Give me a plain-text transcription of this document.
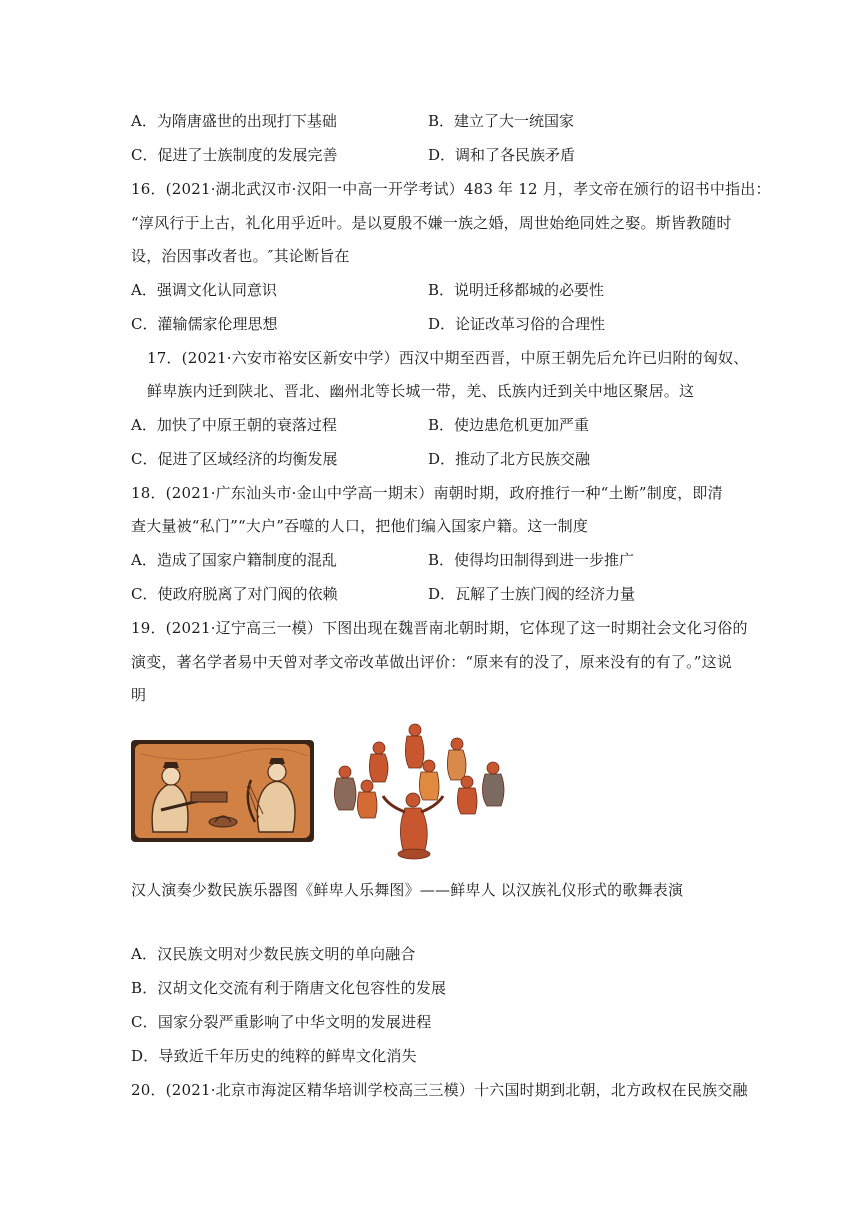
A．为隋唐盛世的出现打下基础	B．建立了大一统国家
C．促进了士族制度的发展完善	D．调和了各民族矛盾
16．(2021·湖北武汉市·汉阳一中高一开学考试）483 年 12 月，孝文帝在颁行的诏书中指出：
“淳风行于上古，礼化用乎近叶。是以夏殷不嫌一族之婚，周世始绝同姓之娶。斯皆教随时
设，治因事改者也。″其论断旨在
A．强调文化认同意识	B．说明迁移都城的必要性
C．灌输儒家伦理思想	D．论证改革习俗的合理性
17．(2021·六安市裕安区新安中学）西汉中期至西晋，中原王朝先后允许已归附的匈奴、
鲜卑族内迁到陕北、晋北、幽州北等长城一带，羌、氐族内迁到关中地区聚居。这
A．加快了中原王朝的衰落过程	B．使边患危机更加严重
C．促进了区域经济的均衡发展	D．推动了北方民族交融
18．(2021·广东汕头市·金山中学高一期末）南朝时期，政府推行一种“土断”制度，即清
查大量被“私门”“大户”吞噬的人口，把他们编入国家户籍。这一制度
A．造成了国家户籍制度的混乱	B．使得均田制得到进一步推广
C．使政府脱离了对门阀的依赖	D．瓦解了士族门阀的经济力量
19．(2021·辽宁高三一模）下图出现在魏晋南北朝时期，它体现了这一时期社会文化习俗的
演变，著名学者易中天曾对孝文帝改革做出评价：“原来有的没了，原来没有的有了。”这说
明
汉人演奏少数民族乐器图《鲜卑人乐舞图》——鲜卑人 以汉族礼仪形式的歌舞表演
A．汉民族文明对少数民族文明的单向融合
B．汉胡文化交流有利于隋唐文化包容性的发展
C．国家分裂严重影响了中华文明的发展进程
D．导致近千年历史的纯粹的鲜卑文化消失
20．(2021·北京市海淀区精华培训学校高三三模）十六国时期到北朝，北方政权在民族交融
